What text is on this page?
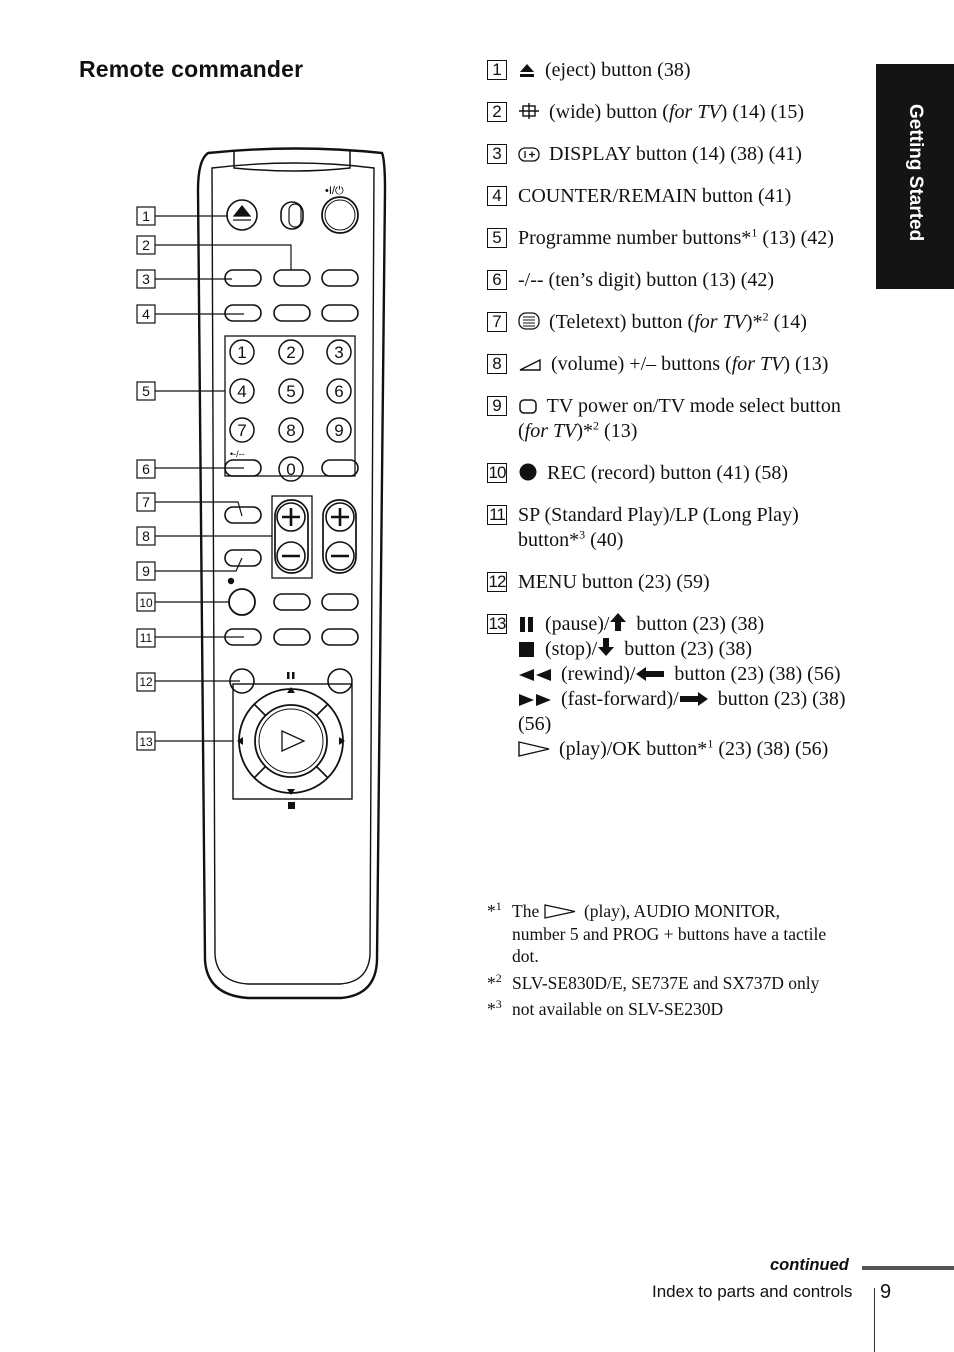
Remote commander
Getting Started
•I/⏻
1 2 3
4 5 6
7 8 9
0
•-/--
1
2
3
4
5
6
7
8
9
10
11
12
13
1 (eject) button (38)
2 (wide) button (for TV) (14) (15)
3 DISPLAY button (14) (38) (41)
4 COUNTER/REMAIN button (41)
5 Programme number buttons*$^1$ (13) (42)
6 -/-- (ten’s digit) button (13) (42)
7 (Teletext) button (for TV)*$^2$ (14)
8 (volume) +/– buttons (for TV) (13)
9 TV power on/TV mode select button (for TV)*$^2$ (13)
10 REC (record) button (41) (58)
11 SP (Standard Play)/LP (Long Play) button*$^3$ (40)
12 MENU button (23) (59)
13	(pause)/ button (23) (38)
(stop)/ button (23) (38)
(rewind)/ button (23) (38) (56)
(fast-forward)/ button (23) (38) (56)
(play)/OK button*$^1$ (23) (38) (56)
*$^1$ The  (play), AUDIO MONITOR, number 5 and PROG + buttons have a tactile dot.
*$^2$ SLV-SE830D/E, SE737E and SX737D only
*$^3$ not available on SLV-SE230D
continued
Index to parts and controls 9
